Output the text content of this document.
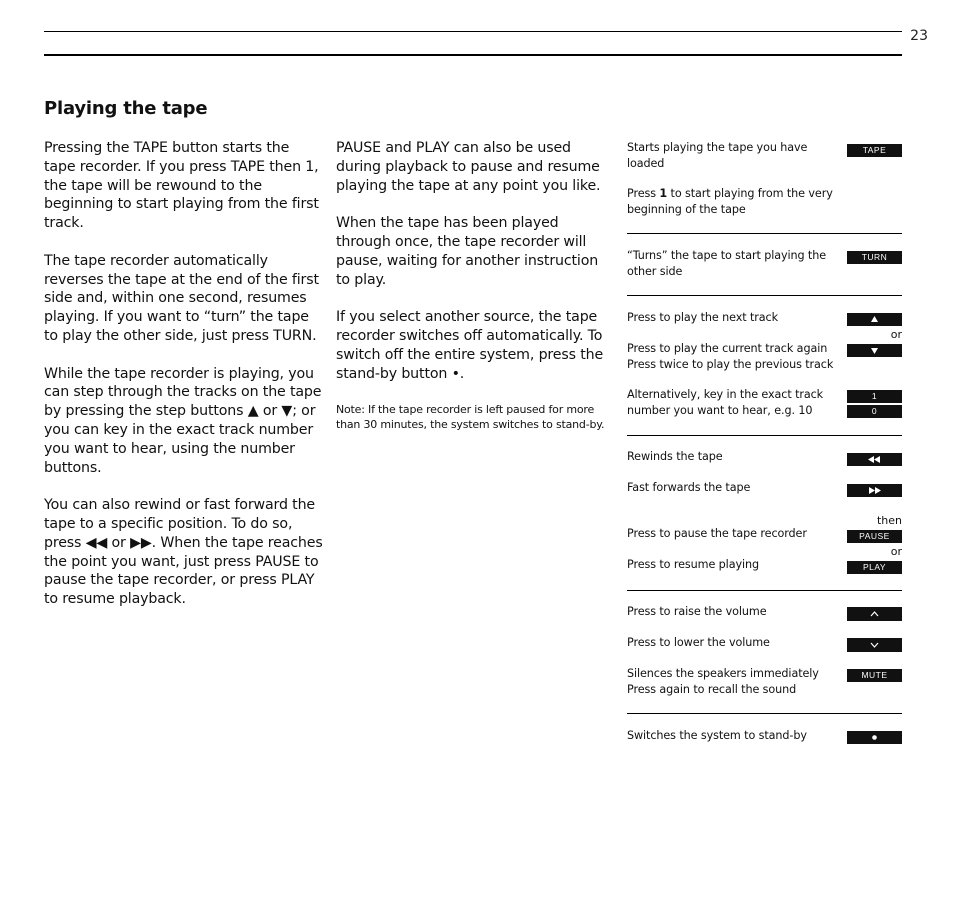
23
Playing the tape

Pressing the TAPE button starts the tape recorder. If you press TAPE then 1, the tape will be rewound to the beginning to start playing from the first track.

The tape recorder automatically reverses the tape at the end of the first side and, within one second, resumes playing. If you want to “turn” the tape to play the other side, just press TURN.

While the tape recorder is playing, you can step through the tracks on the tape by pressing the step buttons ▲ or ▼; or you can key in the exact track number you want to hear, using the number buttons.

You can also rewind or fast forward the tape to a specific position. To do so, press ◀◀ or ▶▶. When the tape reaches the point you want, just press PAUSE to pause the tape recorder, or press PLAY to resume playback.

PAUSE and PLAY can also be used during playback to pause and resume playing the tape at any point you like.

When the tape has been played through once, the tape recorder will pause, waiting for another instruction to play.

If you select another source, the tape recorder switches off automatically. To switch off the entire system, press the stand-by button •.

Note: If the tape recorder is left paused for more than 30 minutes, the system switches to stand-by.
Starts playing the tape you have loaded
TAPE
Press 1 to start playing from the very beginning of the tape
“Turns” the tape to start playing the other side
TURN
Press to play the next track
or
Press to play the current track again
Press twice to play the previous track
Alternatively, key in the exact track number you want to hear, e.g. 10
1
0
Rewinds the tape
Fast forwards the tape
then
Press to pause the tape recorder	PAUSE
or
Press to resume playing	PLAY
Press to raise the volume
Press to lower the volume
Silences the speakers immediately
Press again to recall the sound
MUTE
Switches the system to stand-by
